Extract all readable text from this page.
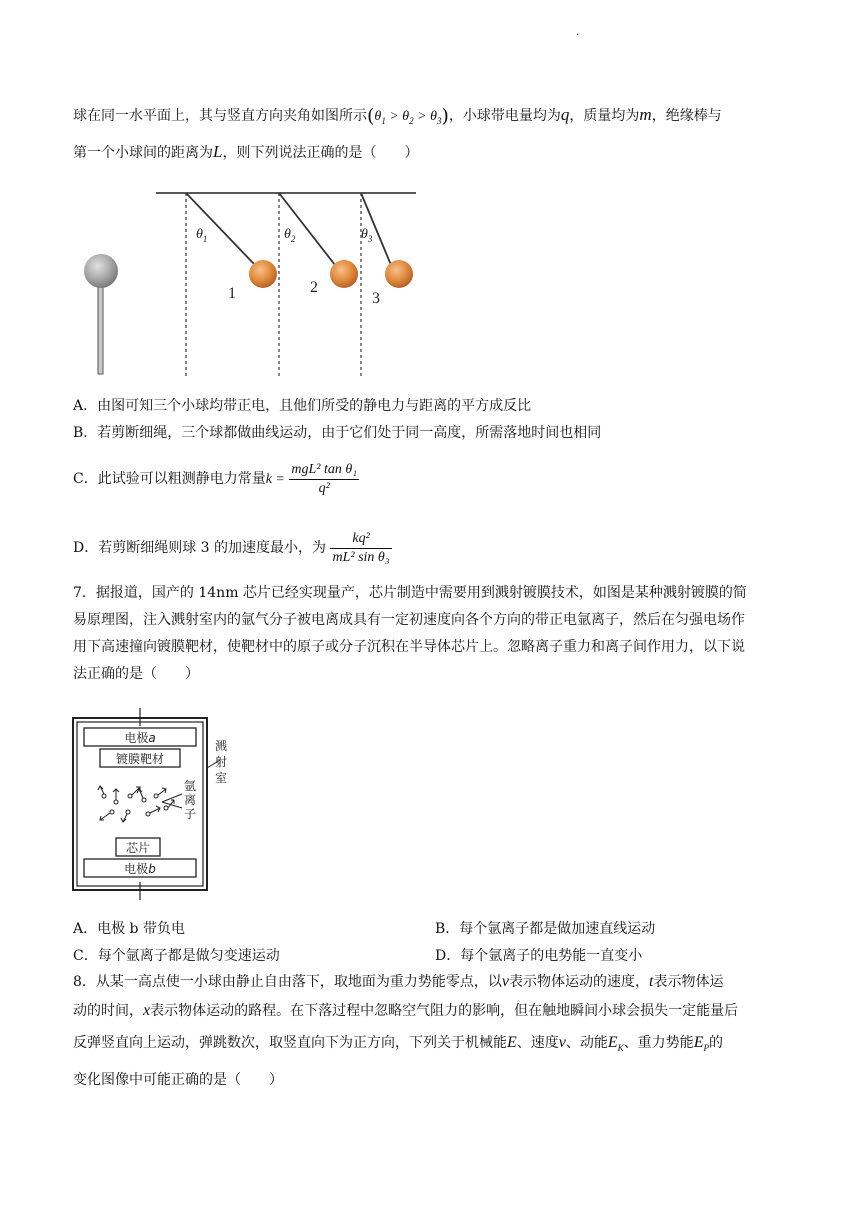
·
球在同一水平面上，其与竖直方向夹角如图所示$(\theta_1 > \theta_2 > \theta_3)$，小球带电量均为q，质量均为m，绝缘棒与
第一个小球间的距离为L，则下列说法正确的是（　　）
$\theta_1$	$\theta_2$	$\theta_3$
1	2
3
A．由图可知三个小球均带正电，且他们所受的静电力与距离的平方成反比
B．若剪断细绳，三个球都做曲线运动，由于它们处于同一高度，所需落地时间也相同
C．此试验可以粗测静电力常量$k = \frac{\text{mgL² tan θ₁}}{\text{q²}}$
D．若剪断细绳则球 3 的加速度最小，为 $\frac{\text{kq²}}{\text{mL² sin θ₃}}$
7．据报道，国产的 14nm 芯片已经实现量产，芯片制造中需要用到溅射镀膜技术，如图是某种溅射镀膜的简
易原理图，注入溅射室内的氩气分子被电离成具有一定初速度向各个方向的带正电氩离子，然后在匀强电场作
用下高速撞向镀膜靶材，使靶材中的原子或分子沉积在半导体芯片上。忽略离子重力和离子间作用力，以下说
法正确的是（　　）
电极a
镀膜靶材
氩离子
溅射室
芯片
电极b
A．电极 b 带负电	B．每个氩离子都是做加速直线运动
C．每个氩离子都是做匀变速运动	D．每个氩离子的电势能一直变小
8．从某一高点使一小球由静止自由落下，取地面为重力势能零点，以v表示物体运动的速度，t表示物体运
动的时间，x表示物体运动的路程。在下落过程中忽略空气阻力的影响，但在触地瞬间小球会损失一定能量后
反弹竖直向上运动，弹跳数次，取竖直向下为正方向，下列关于机械能E、速度v、动能$E_K$、重力势能$E_P$的
变化图像中可能正确的是（　　）
